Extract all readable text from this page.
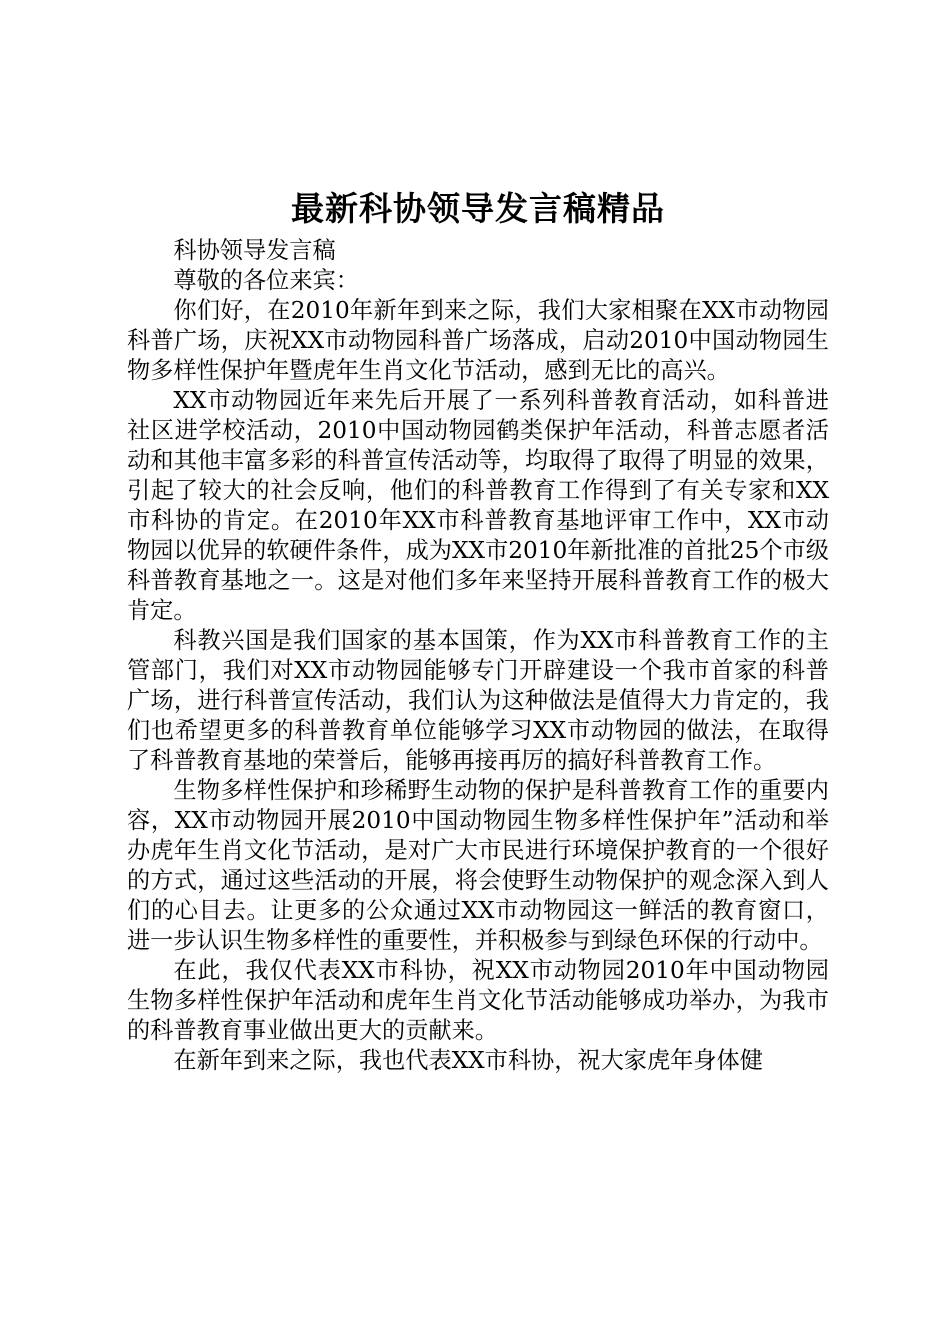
最新科协领导发言稿精品

科协领导发言稿

尊敬的各位来宾：

你们好，在2010年新年到来之际，我们大家相聚在XX市动物园科普广场，庆祝XX市动物园科普广场落成，启动2010中国动物园生物多样性保护年暨虎年生肖文化节活动，感到无比的高兴。

XX市动物园近年来先后开展了一系列科普教育活动，如科普进社区进学校活动，2010中国动物园鹤类保护年活动，科普志愿者活动和其他丰富多彩的科普宣传活动等，均取得了取得了明显的效果，引起了较大的社会反响，他们的科普教育工作得到了有关专家和XX市科协的肯定。在2010年XX市科普教育基地评审工作中，XX市动物园以优异的软硬件条件，成为XX市2010年新批准的首批25个市级科普教育基地之一。这是对他们多年来坚持开展科普教育工作的极大肯定。

科教兴国是我们国家的基本国策，作为XX市科普教育工作的主管部门，我们对XX市动物园能够专门开辟建设一个我市首家的科普广场，进行科普宣传活动，我们认为这种做法是值得大力肯定的，我们也希望更多的科普教育单位能够学习XX市动物园的做法，在取得了科普教育基地的荣誉后，能够再接再厉的搞好科普教育工作。

生物多样性保护和珍稀野生动物的保护是科普教育工作的重要内容，XX市动物园开展2010中国动物园生物多样性保护年”活动和举办虎年生肖文化节活动，是对广大市民进行环境保护教育的一个很好的方式，通过这些活动的开展，将会使野生动物保护的观念深入到人们的心目去。让更多的公众通过XX市动物园这一鲜活的教育窗口，进一步认识生物多样性的重要性，并积极参与到绿色环保的行动中。

在此，我仅代表XX市科协，祝XX市动物园2010年中国动物园生物多样性保护年活动和虎年生肖文化节活动能够成功举办，为我市的科普教育事业做出更大的贡献来。

在新年到来之际，我也代表XX市科协，祝大家虎年身体健
